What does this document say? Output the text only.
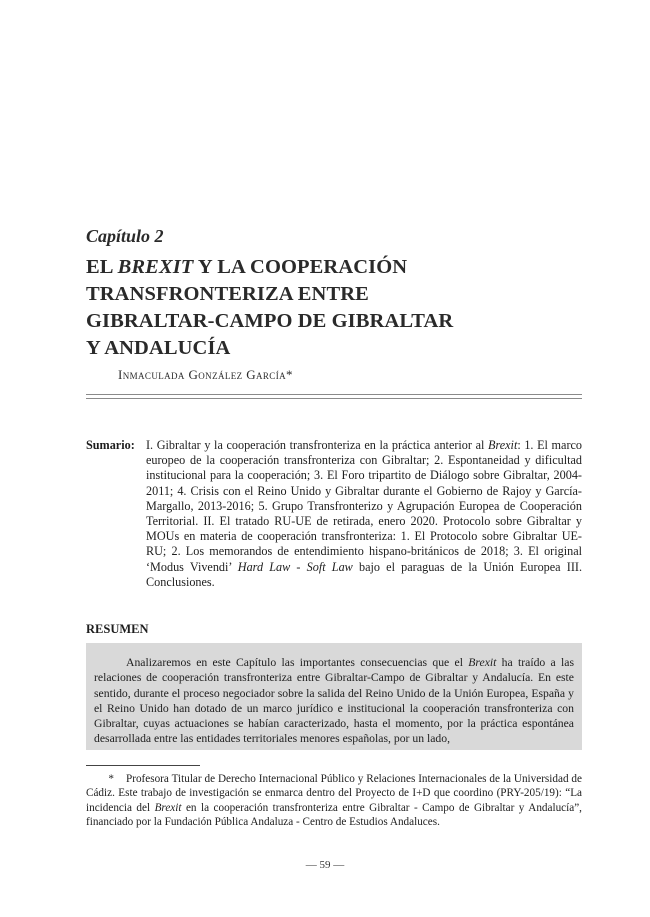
Capítulo 2
EL BREXIT Y LA COOPERACIÓN
TRANSFRONTERIZA ENTRE
GIBRALTAR-CAMPO DE GIBRALTAR
Y ANDALUCÍA
Inmaculada González García*
Sumario: I. Gibraltar y la cooperación transfronteriza en la práctica anterior al Brexit: 1. El marco europeo de la cooperación transfronteriza con Gibraltar; 2. Espontaneidad y dificultad institucional para la cooperación; 3. El Foro tripartito de Diálogo sobre Gibraltar, 2004-2011; 4. Crisis con el Reino Unido y Gibraltar durante el Gobierno de Rajoy y García-Margallo, 2013-2016; 5. Grupo Transfronterizo y Agrupación Europea de Cooperación Territorial. II. El tratado RU-UE de retirada, enero 2020. Protocolo sobre Gibraltar y MOUs en materia de cooperación transfronteriza: 1. El Protocolo sobre Gibraltar UE-RU; 2. Los memorandos de entendimiento hispano-británicos de 2018; 3. El original ‘Modus Vivendi’ Hard Law - Soft Law bajo el paraguas de la Unión Europea III. Conclusiones.
RESUMEN
Analizaremos en este Capítulo las importantes consecuencias que el Brexit ha traído a las relaciones de cooperación transfronteriza entre Gibraltar-Campo de Gibraltar y Andalucía. En este sentido, durante el proceso negociador sobre la salida del Reino Unido de la Unión Europea, España y el Reino Unido han dotado de un marco jurídico e institucional la cooperación transfronteriza con Gibraltar, cuyas actuaciones se habían caracterizado, hasta el momento, por la práctica espontánea desarrollada entre las entidades territoriales menores españolas, por un lado,
* Profesora Titular de Derecho Internacional Público y Relaciones Internacionales de la Universidad de Cádiz. Este trabajo de investigación se enmarca dentro del Proyecto de I+D que coordino (PRY-205/19): “La incidencia del Brexit en la cooperación transfronteriza entre Gibraltar - Campo de Gibraltar y Andalucía”, financiado por la Fundación Pública Andaluza - Centro de Estudios Andaluces.
— 59 —
